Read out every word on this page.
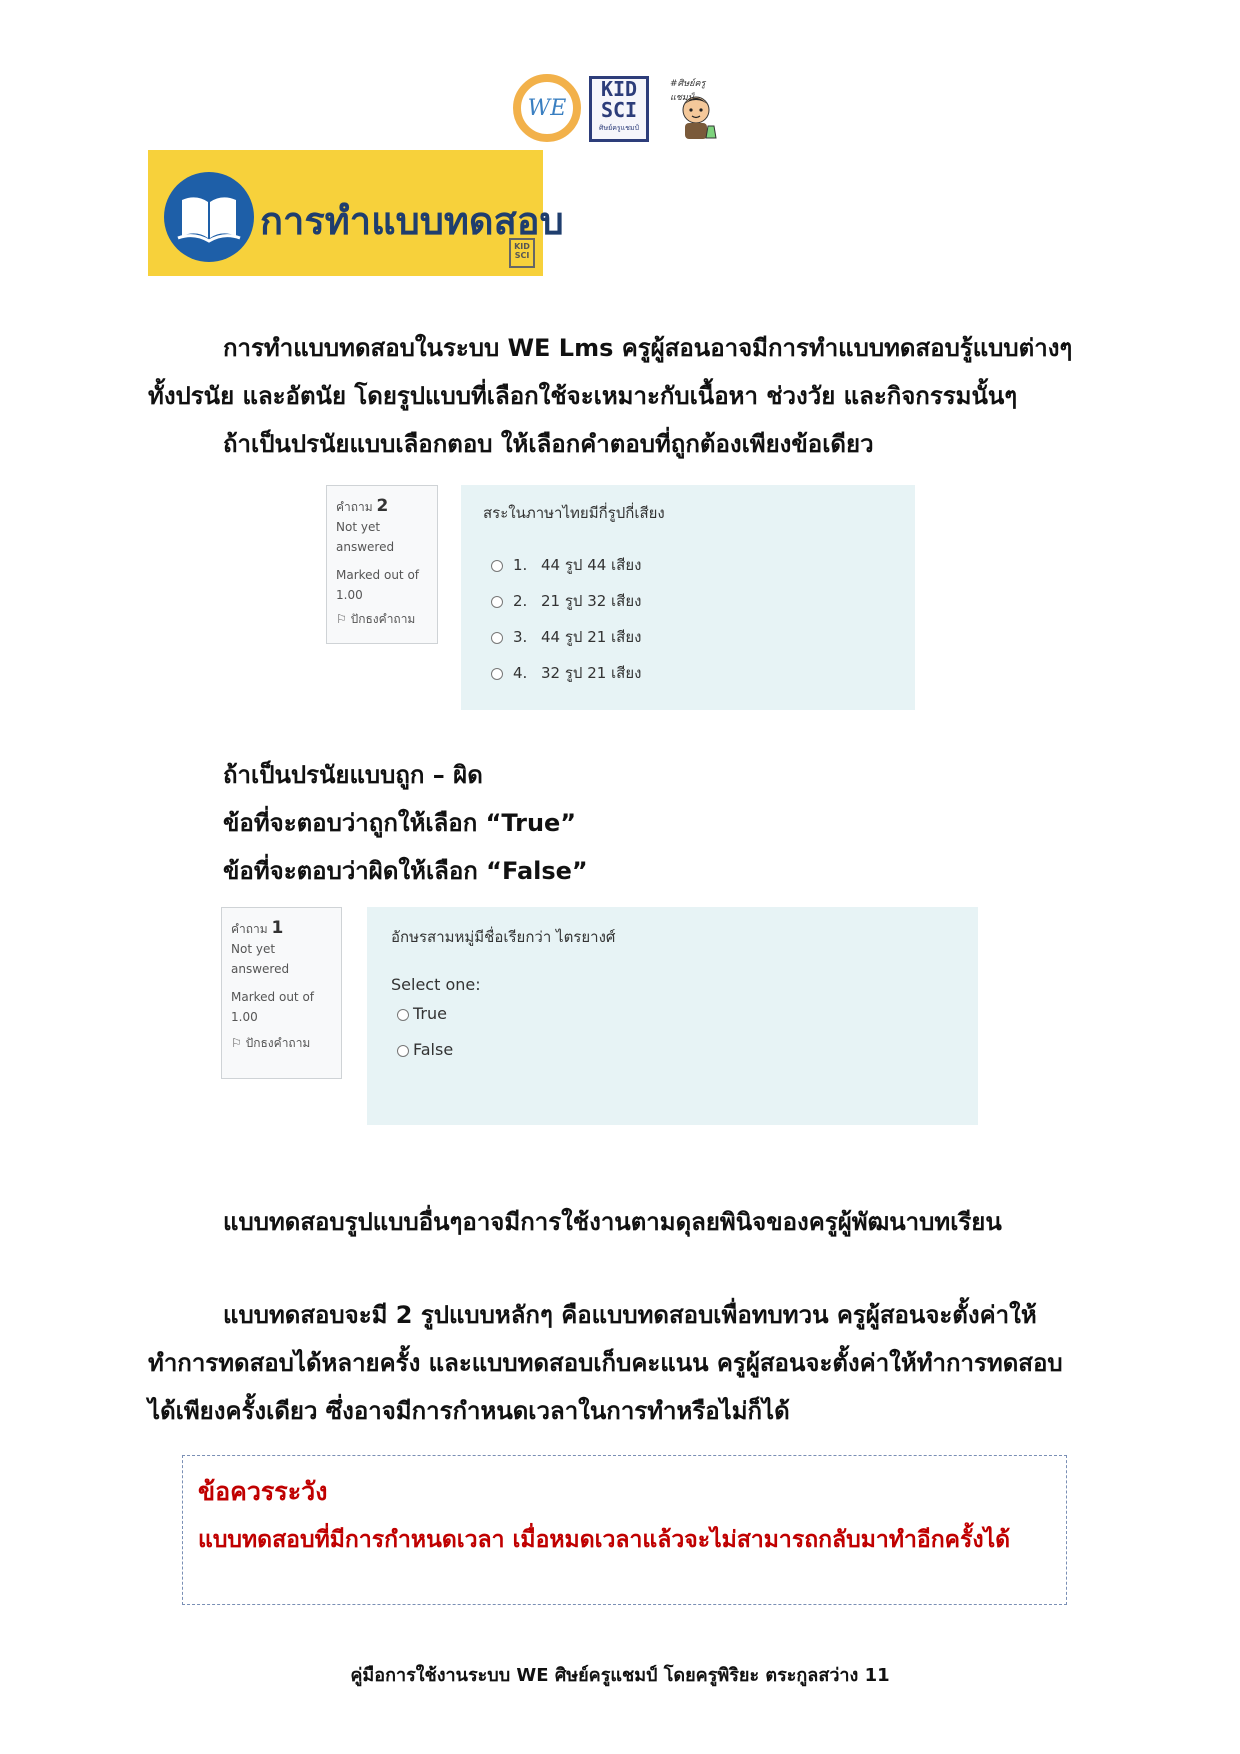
WE
KID
SCI
ศิษย์ครูแชมป์
#ศิษย์ครูแชมป์
การทำแบบทดสอบ
KID
SCI
การทำแบบทดสอบในระบบ WE Lms ครูผู้สอนอาจมีการทำแบบทดสอบรู้แบบต่างๆ
ทั้งปรนัย และอัตนัย โดยรูปแบบที่เลือกใช้จะเหมาะกับเนื้อหา ช่วงวัย และกิจกรรมนั้นๆ
ถ้าเป็นปรนัยแบบเลือกตอบ ให้เลือกคำตอบที่ถูกต้องเพียงข้อเดียว
คำถาม 2
Not yet answered
Marked out of 1.00
⚐ ปักธงคำถาม
สระในภาษาไทยมีกี่รูปกี่เสียง
1. 44 รูป 44 เสียง
2. 21 รูป 32 เสียง
3. 44 รูป 21 เสียง
4. 32 รูป 21 เสียง
ถ้าเป็นปรนัยแบบถูก – ผิด
ข้อที่จะตอบว่าถูกให้เลือก “True”
ข้อที่จะตอบว่าผิดให้เลือก “False”
คำถาม 1
Not yet answered
Marked out of 1.00
⚐ ปักธงคำถาม
อักษรสามหมู่มีชื่อเรียกว่า ไตรยางศ์
Select one:
True
False
แบบทดสอบรูปแบบอื่นๆอาจมีการใช้งานตามดุลยพินิจของครูผู้พัฒนาบทเรียน
แบบทดสอบจะมี 2 รูปแบบหลักๆ คือแบบทดสอบเพื่อทบทวน ครูผู้สอนจะตั้งค่าให้
ทำการทดสอบได้หลายครั้ง และแบบทดสอบเก็บคะแนน ครูผู้สอนจะตั้งค่าให้ทำการทดสอบ
ได้เพียงครั้งเดียว ซึ่งอาจมีการกำหนดเวลาในการทำหรือไม่ก็ได้
ข้อควรระวัง
แบบทดสอบที่มีการกำหนดเวลา เมื่อหมดเวลาแล้วจะไม่สามารถกลับมาทำอีกครั้งได้
คู่มือการใช้งานระบบ WE ศิษย์ครูแชมป์ โดยครูพิริยะ ตระกูลสว่าง 11
